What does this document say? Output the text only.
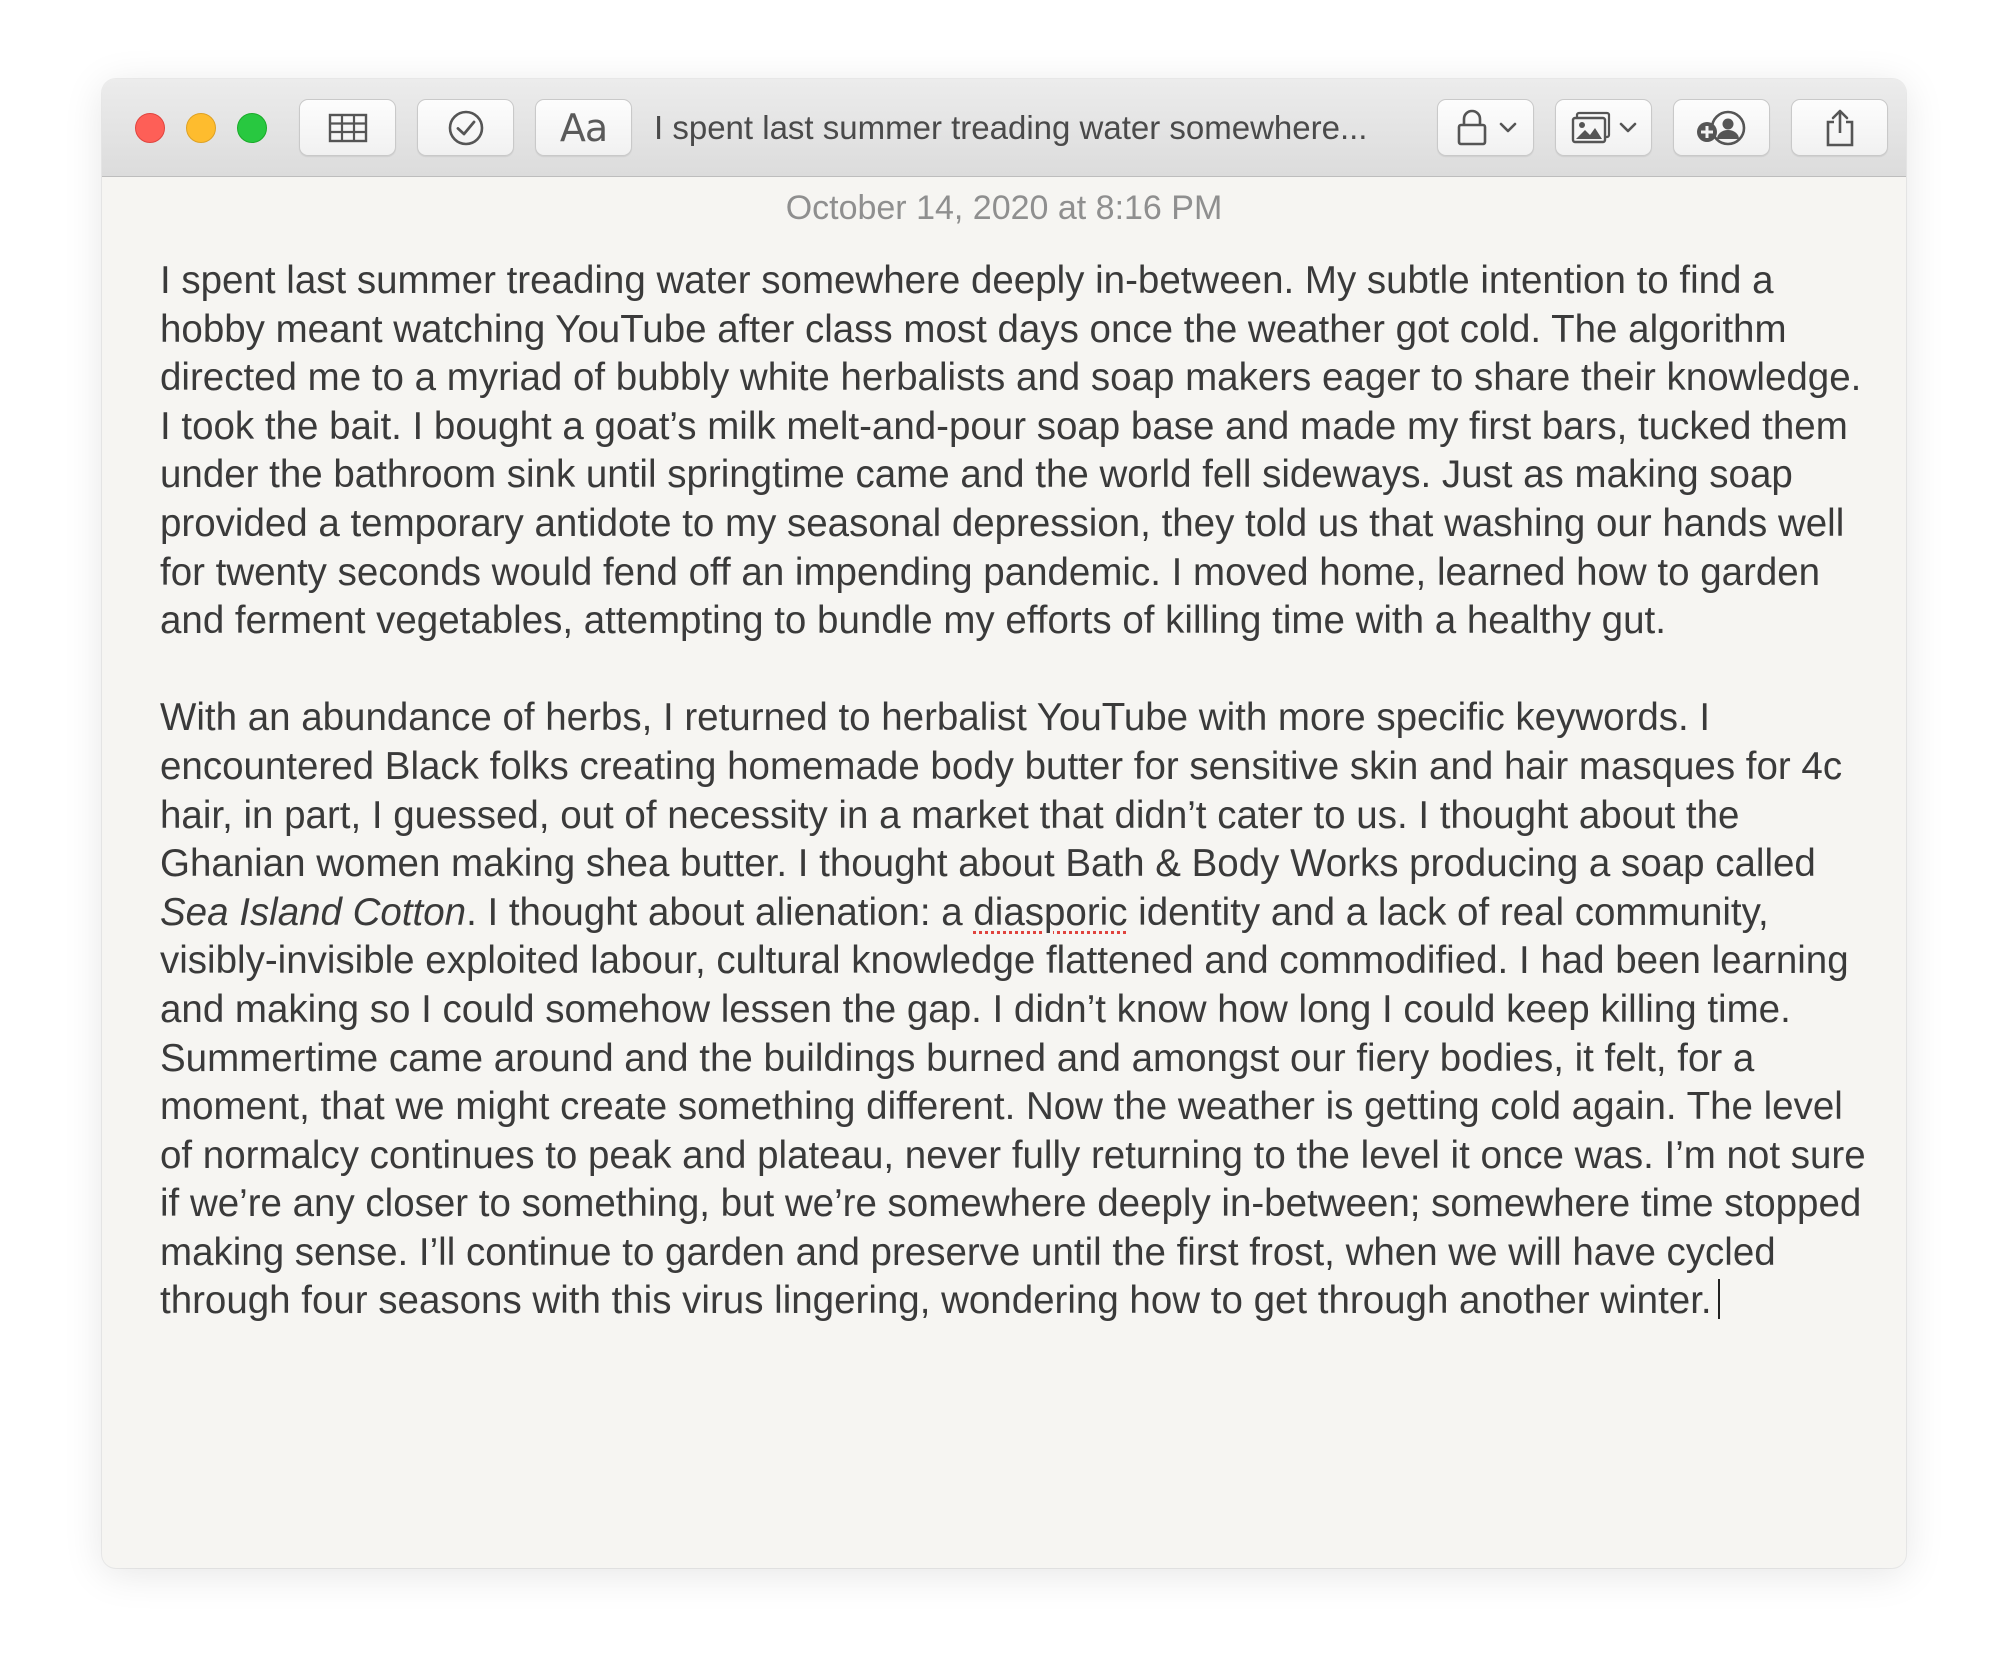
Aa I spent last summer treading water somewhere...
October 14, 2020 at 8:16 PM

I spent last summer treading water somewhere deeply in-between. My subtle intention to find a hobby meant watching YouTube after class most days once the weather got cold. The algorithm directed me to a myriad of bubbly white herbalists and soap makers eager to share their knowledge. I took the bait. I bought a goat’s milk melt-and-pour soap base and made my first bars, tucked them under the bathroom sink until springtime came and the world fell sideways. Just as making soap provided a temporary antidote to my seasonal depression, they told us that washing our hands well for twenty seconds would fend off an impending pandemic. I moved home, learned how to garden and ferment vegetables, attempting to bundle my efforts of killing time with a healthy gut.

With an abundance of herbs, I returned to herbalist YouTube with more specific keywords. I encountered Black folks creating homemade body butter for sensitive skin and hair masques for 4c hair, in part, I guessed, out of necessity in a market that didn’t cater to us. I thought about the Ghanian women making shea butter. I thought about Bath & Body Works producing a soap called Sea Island Cotton. I thought about alienation: a diasporic identity and a lack of real community, visibly-invisible exploited labour, cultural knowledge flattened and commodified. I had been learning and making so I could somehow lessen the gap. I didn’t know how long I could keep killing time. Summertime came around and the buildings burned and amongst our fiery bodies, it felt, for a moment, that we might create something different. Now the weather is getting cold again. The level of normalcy continues to peak and plateau, never fully returning to the level it once was. I’m not sure if we’re any closer to something, but we’re somewhere deeply in-between; somewhere time stopped making sense. I’ll continue to garden and preserve until the first frost, when we will have cycled through four seasons with this virus lingering, wondering how to get through another winter.
